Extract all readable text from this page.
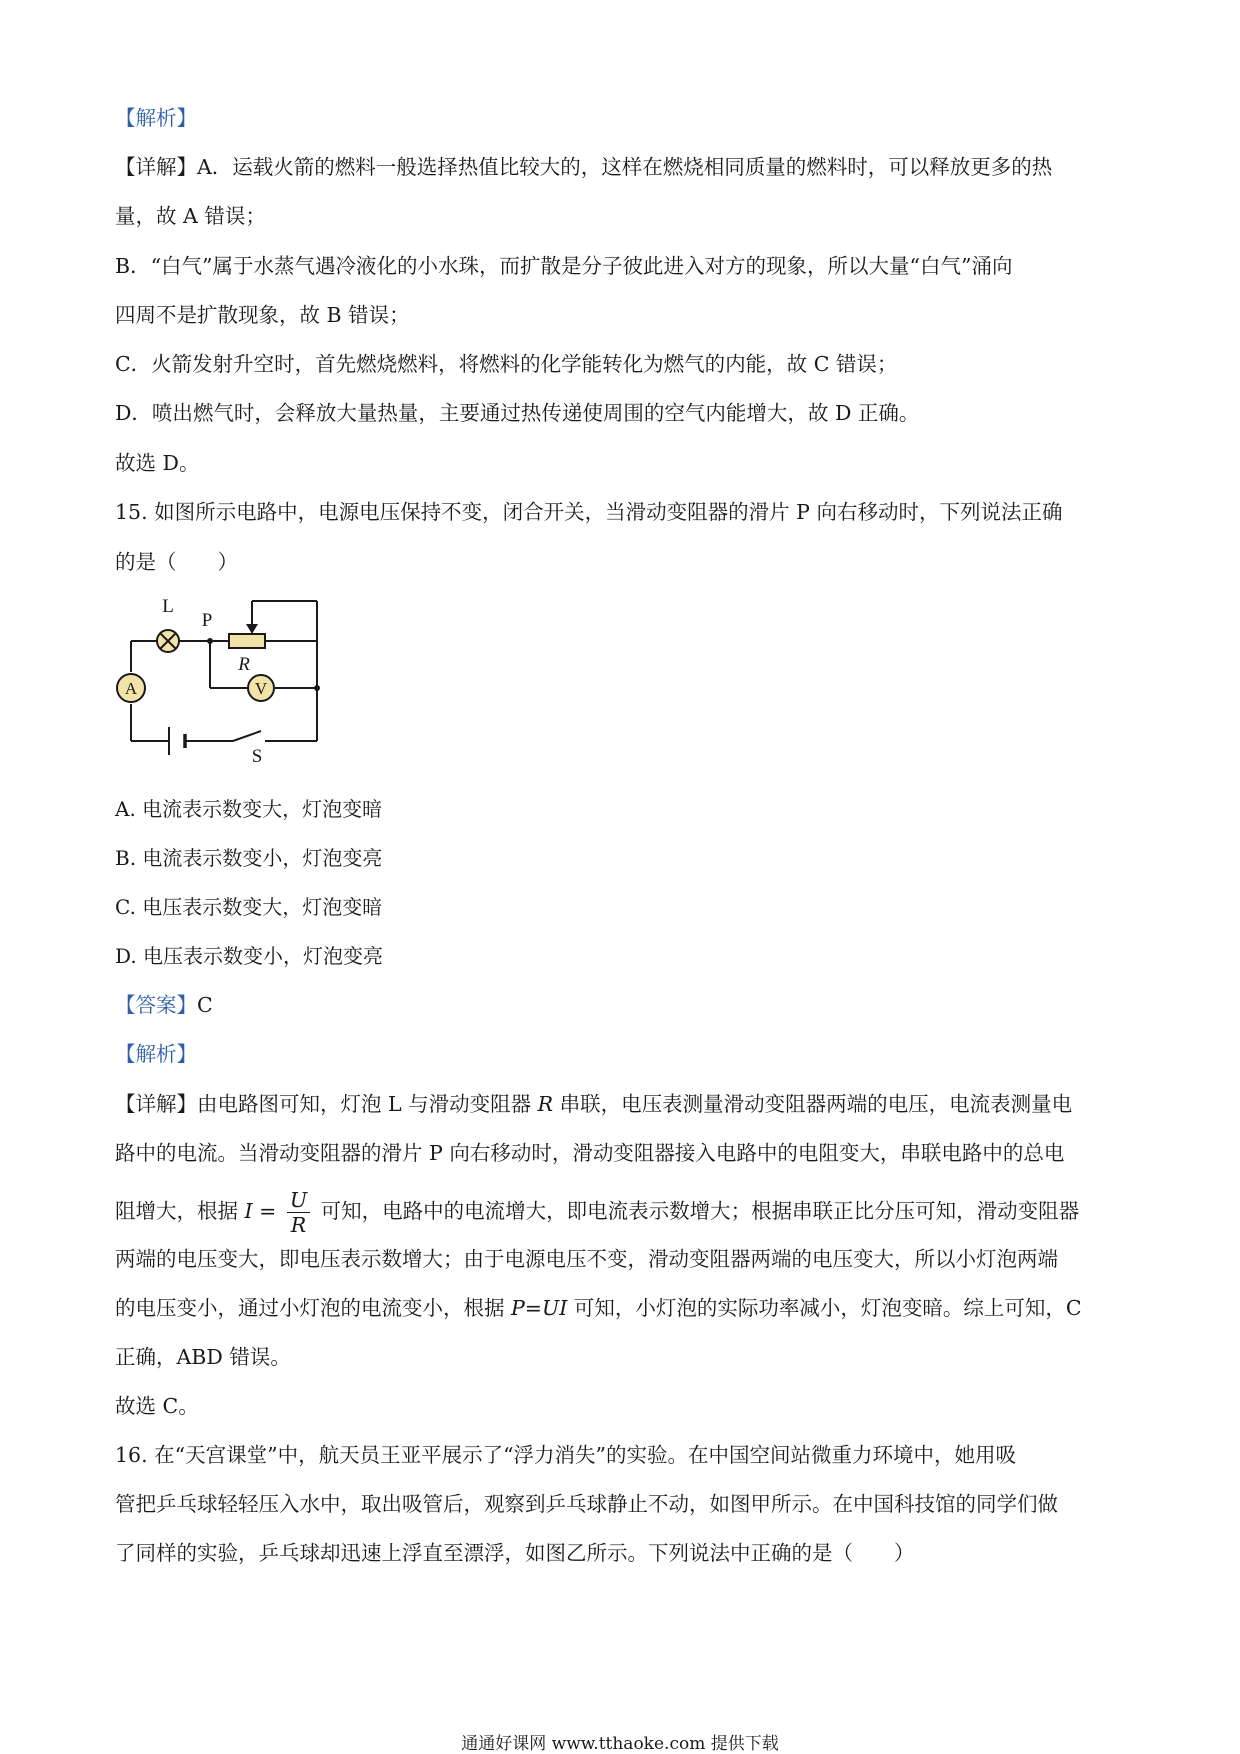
【解析】
【详解】A．运载火箭的燃料一般选择热值比较大的，这样在燃烧相同质量的燃料时，可以释放更多的热
量，故 A 错误；
B．“白气”属于水蒸气遇冷液化的小水珠，而扩散是分子彼此进入对方的现象，所以大量“白气”涌向
四周不是扩散现象，故 B 错误；
C．火箭发射升空时，首先燃烧燃料，将燃料的化学能转化为燃气的内能，故 C 错误；
D．喷出燃气时，会释放大量热量，主要通过热传递使周围的空气内能增大，故 D 正确。
故选 D。
15. 如图所示电路中，电源电压保持不变，闭合开关，当滑动变阻器的滑片 P 向右移动时，下列说法正确
的是（　　）
A	V
L
P
R
S
A. 电流表示数变大，灯泡变暗
B. 电流表示数变小，灯泡变亮
C. 电压表示数变大，灯泡变暗
D. 电压表示数变小，灯泡变亮
【答案】C
【解析】
【详解】由电路图可知，灯泡 L 与滑动变阻器 R 串联，电压表测量滑动变阻器两端的电压，电流表测量电
路中的电流。当滑动变阻器的滑片 P 向右移动时，滑动变阻器接入电路中的电阻变大，串联电路中的总电
阻增大，根据 $I = \frac{U}{R}$ 可知，电路中的电流增大，即电流表示数增大；根据串联正比分压可知，滑动变阻器
两端的电压变大，即电压表示数增大；由于电源电压不变，滑动变阻器两端的电压变大，所以小灯泡两端
的电压变小，通过小灯泡的电流变小，根据 P=UI 可知，小灯泡的实际功率减小，灯泡变暗。综上可知，C
正确，ABD 错误。
故选 C。
16. 在“天宫课堂”中，航天员王亚平展示了“浮力消失”的实验。在中国空间站微重力环境中，她用吸
管把乒乓球轻轻压入水中，取出吸管后，观察到乒乓球静止不动，如图甲所示。在中国科技馆的同学们做
了同样的实验，乒乓球却迅速上浮直至漂浮，如图乙所示。下列说法中正确的是（　　）
通通好课网 www.tthaoke.com 提供下载
